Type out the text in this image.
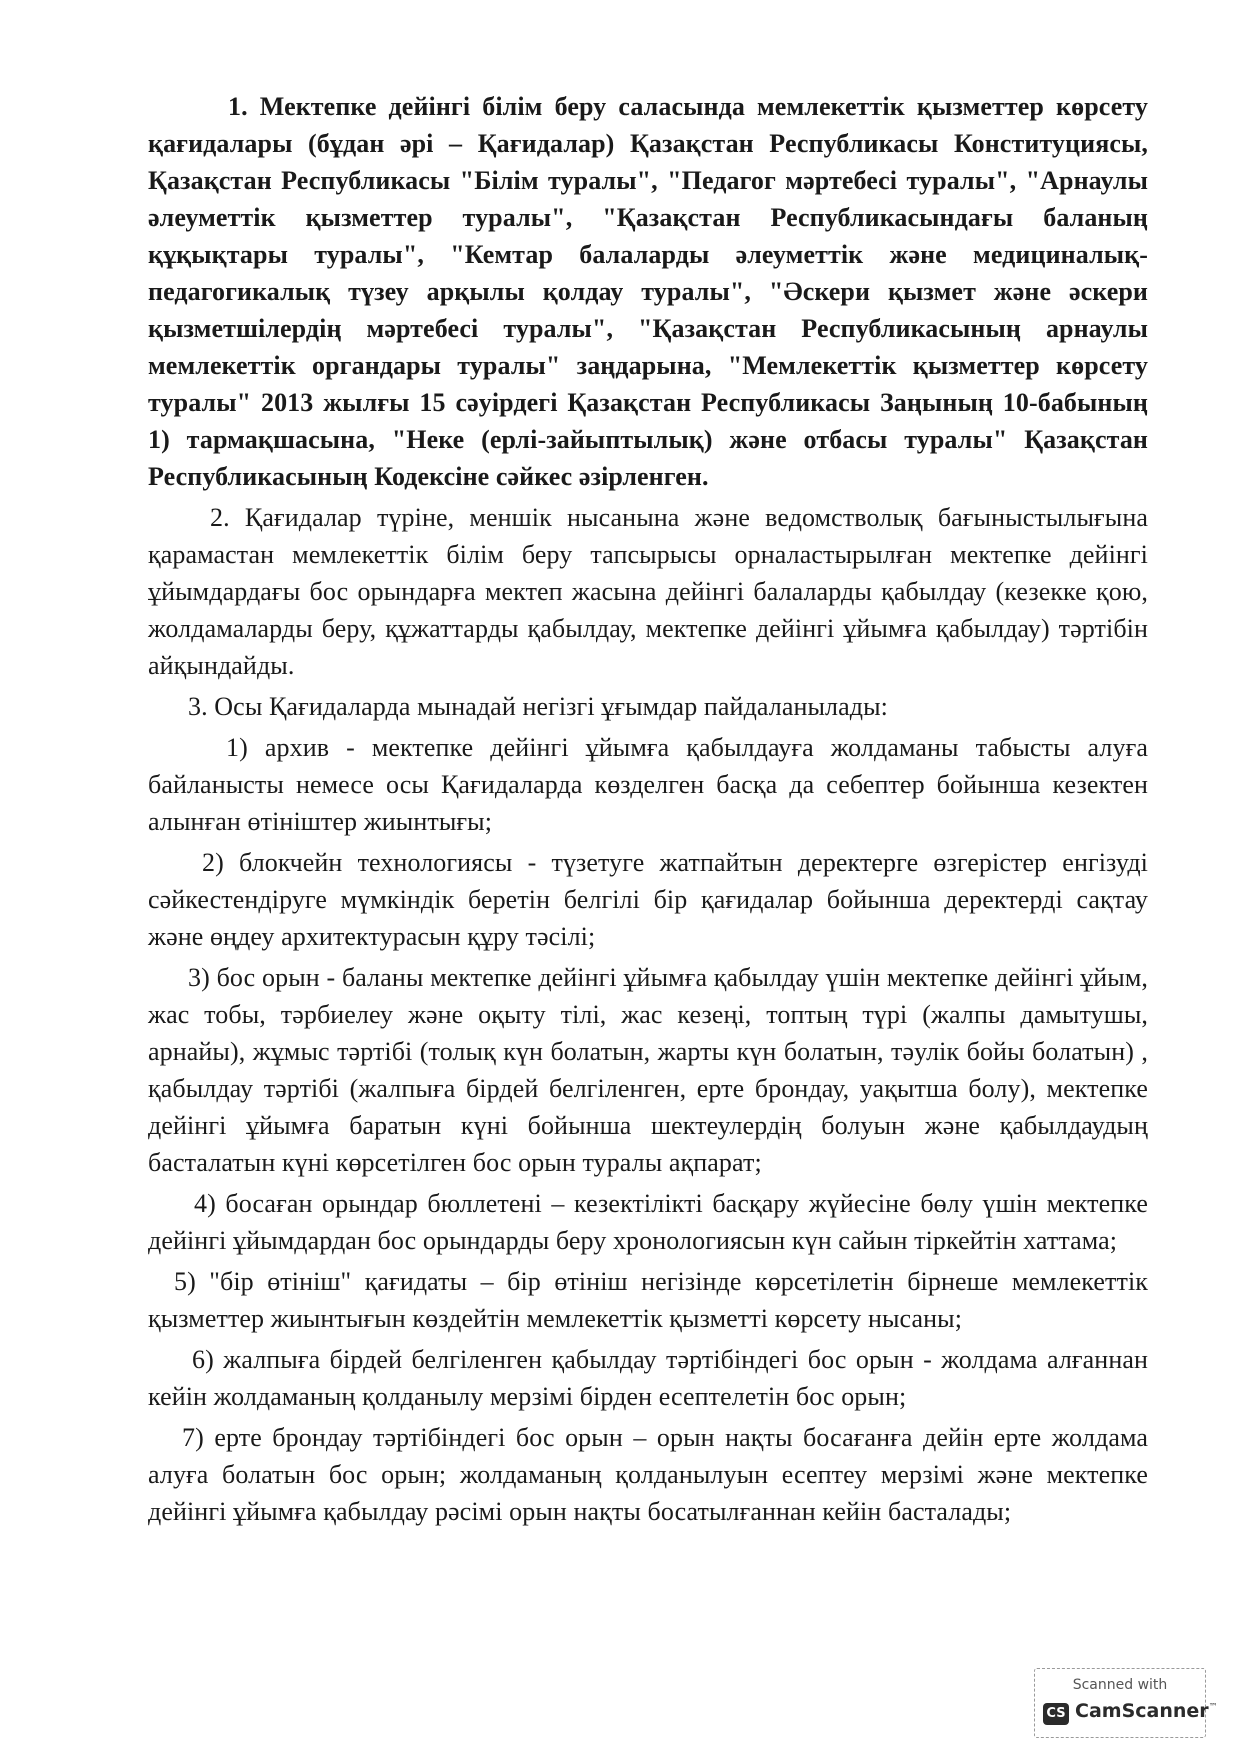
1. Мектепке дейінгі білім беру саласында мемлекеттік қызметтер көрсету қағидалары (бұдан әрі – Қағидалар) Қазақстан Республикасы Конституциясы, Қазақстан Республикасы "Білім туралы", "Педагог мәртебесі туралы", "Арнаулы әлеуметтік қызметтер туралы", "Қазақстан Республикасындағы баланың құқықтары туралы", "Кемтар балаларды әлеуметтік және медициналық-педагогикалық түзеу арқылы қолдау туралы", "Әскери қызмет және әскери қызметшілердің мәртебесі туралы", "Қазақстан Республикасының арнаулы мемлекеттік органдары туралы" заңдарына, "Мемлекеттік қызметтер көрсету туралы" 2013 жылғы 15 сәуірдегі Қазақстан Республикасы Заңының 10-бабының 1) тармақшасына, "Неке (ерлі-зайыптылық) және отбасы туралы" Қазақстан Республикасының Кодексіне сәйкес әзірленген.

2. Қағидалар түріне, меншік нысанына және ведомстволық бағыныстылығына қарамастан мемлекеттік білім беру тапсырысы орналастырылған мектепке дейінгі ұйымдардағы бос орындарға мектеп жасына дейінгі балаларды қабылдау (кезекке қою, жолдамаларды беру, құжаттарды қабылдау, мектепке дейінгі ұйымға қабылдау) тәртібін айқындайды.

3. Осы Қағидаларда мынадай негізгі ұғымдар пайдаланылады:

1) архив - мектепке дейінгі ұйымға қабылдауға жолдаманы табысты алуға байланысты немесе осы Қағидаларда көзделген басқа да себептер бойынша кезектен алынған өтініштер жиынтығы;

2) блокчейн технологиясы - түзетуге жатпайтын деректерге өзгерістер енгізуді сәйкестендіруге мүмкіндік беретін белгілі бір қағидалар бойынша деректерді сақтау және өңдеу архитектурасын құру тәсілі;

3) бос орын - баланы мектепке дейінгі ұйымға қабылдау үшін мектепке дейінгі ұйым, жас тобы, тәрбиелеу және оқыту тілі, жас кезеңі, топтың түрі (жалпы дамытушы, арнайы), жұмыс тәртібі (толық күн болатын, жарты күн болатын, тәулік бойы болатын) , қабылдау тәртібі (жалпыға бірдей белгіленген, ерте брондау, уақытша болу), мектепке дейінгі ұйымға баратын күні бойынша шектеулердің болуын және қабылдаудың басталатын күні көрсетілген бос орын туралы ақпарат;

4) босаған орындар бюллетені – кезектілікті басқару жүйесіне бөлу үшін мектепке дейінгі ұйымдардан бос орындарды беру хронологиясын күн сайын тіркейтін хаттама;

5) "бір өтініш" қағидаты – бір өтініш негізінде көрсетілетін бірнеше мемлекеттік қызметтер жиынтығын көздейтін мемлекеттік қызметті көрсету нысаны;

6) жалпыға бірдей белгіленген қабылдау тәртібіндегі бос орын - жолдама алғаннан кейін жолдаманың қолданылу мерзімі бірден есептелетін бос орын;

7) ерте брондау тәртібіндегі бос орын – орын нақты босағанға дейін ерте жолдама алуға болатын бос орын; жолдаманың қолданылуын есептеу мерзімі және мектепке дейінгі ұйымға қабылдау рәсімі орын нақты босатылғаннан кейін басталады;

Scanned with
CS CamScanner™
